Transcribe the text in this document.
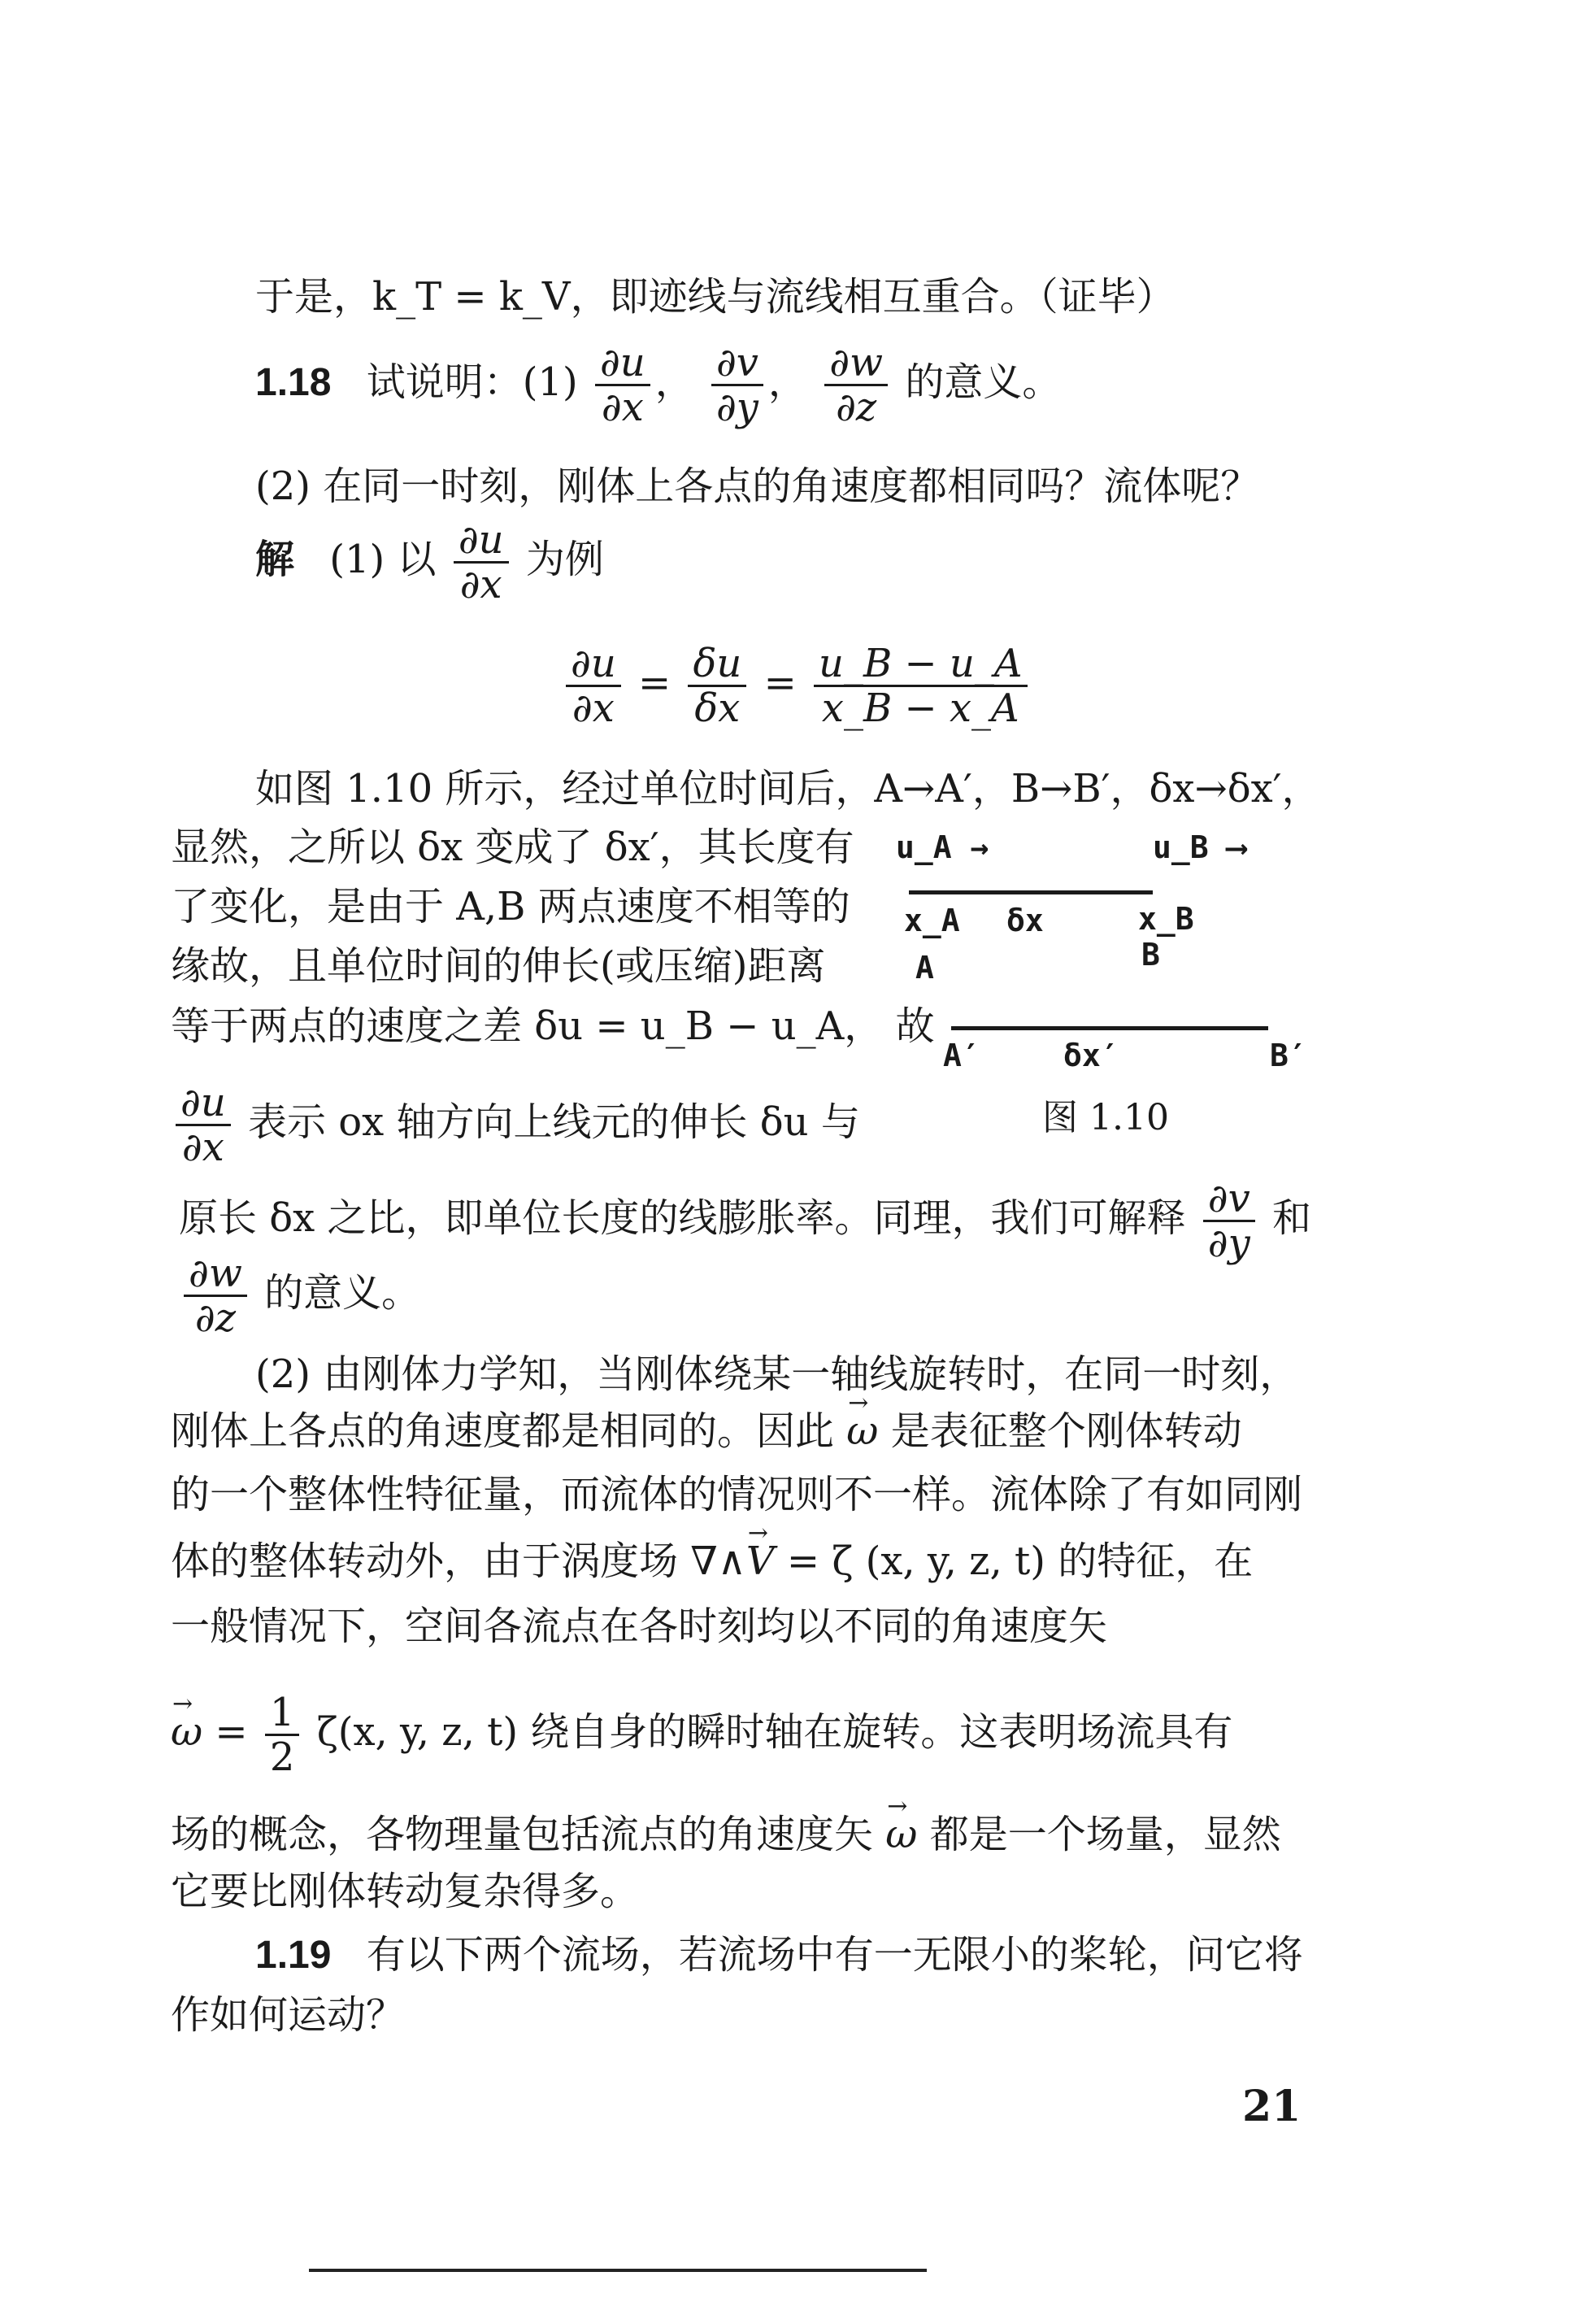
于是，k_T = k_V，即迹线与流线相互重合。（证毕）
1.18 试说明：$(1) \frac{\partial u}{\partial x}$ ， $\frac{\partial v}{\partial y}$ ， $\frac{\partial w}{\partial z}$ 的意义。
(2) 在同一时刻，刚体上各点的角速度都相同吗？流体呢？
解 (1) 以 $\frac{\partial u}{\partial x}$ 为例
$\frac{\partial u}{\partial x} = \frac{\delta u}{\delta x} = \frac{u\_B - u\_A}{x\_B - x\_A}$
如图 1.10 所示，经过单位时间后，A→A′，B→B′，δx→δx′，
显然，之所以 δx 变成了 δx′，其长度有
了变化，是由于 A,B 两点速度不相等的
缘故，且单位时间的伸长(或压缩)距离
等于两点的速度之差 δu = u_B − u_A， 故
$\frac{\partial u}{\partial x}$ 表示 ox 轴方向上线元的伸长 δu 与
原长 δx 之比，即单位长度的线膨胀率。同理，我们可解释 $\frac{\partial v}{\partial y}$ 和
$\frac{\partial w}{\partial z}$ 的意义。
u_A →	u_B ⟶
x_A δx	x_B
A	B
A′	δx′	B′
图 1.10
(2) 由刚体力学知，当刚体绕某一轴线旋转时，在同一时刻，
刚体上各点的角速度都是相同的。因此 → ω 是表征整个刚体转动
的一个整体性特征量，而流体的情况则不一样。流体除了有如同刚
体的整体转动外，由于涡度场 ∇∧→ V = ζ (x, y, z, t) 的特征，在
一般情况下，空间各流点在各时刻均以不同的角速度矢
→ $\omega = \frac{1}{2} \zeta(x$, y, z, t) 绕自身的瞬时轴在旋转。这表明场流具有
场的概念，各物理量包括流点的角速度矢 → ω 都是一个场量，显然
它要比刚体转动复杂得多。
1.19 有以下两个流场，若流场中有一无限小的桨轮，问它将
作如何运动？
21
